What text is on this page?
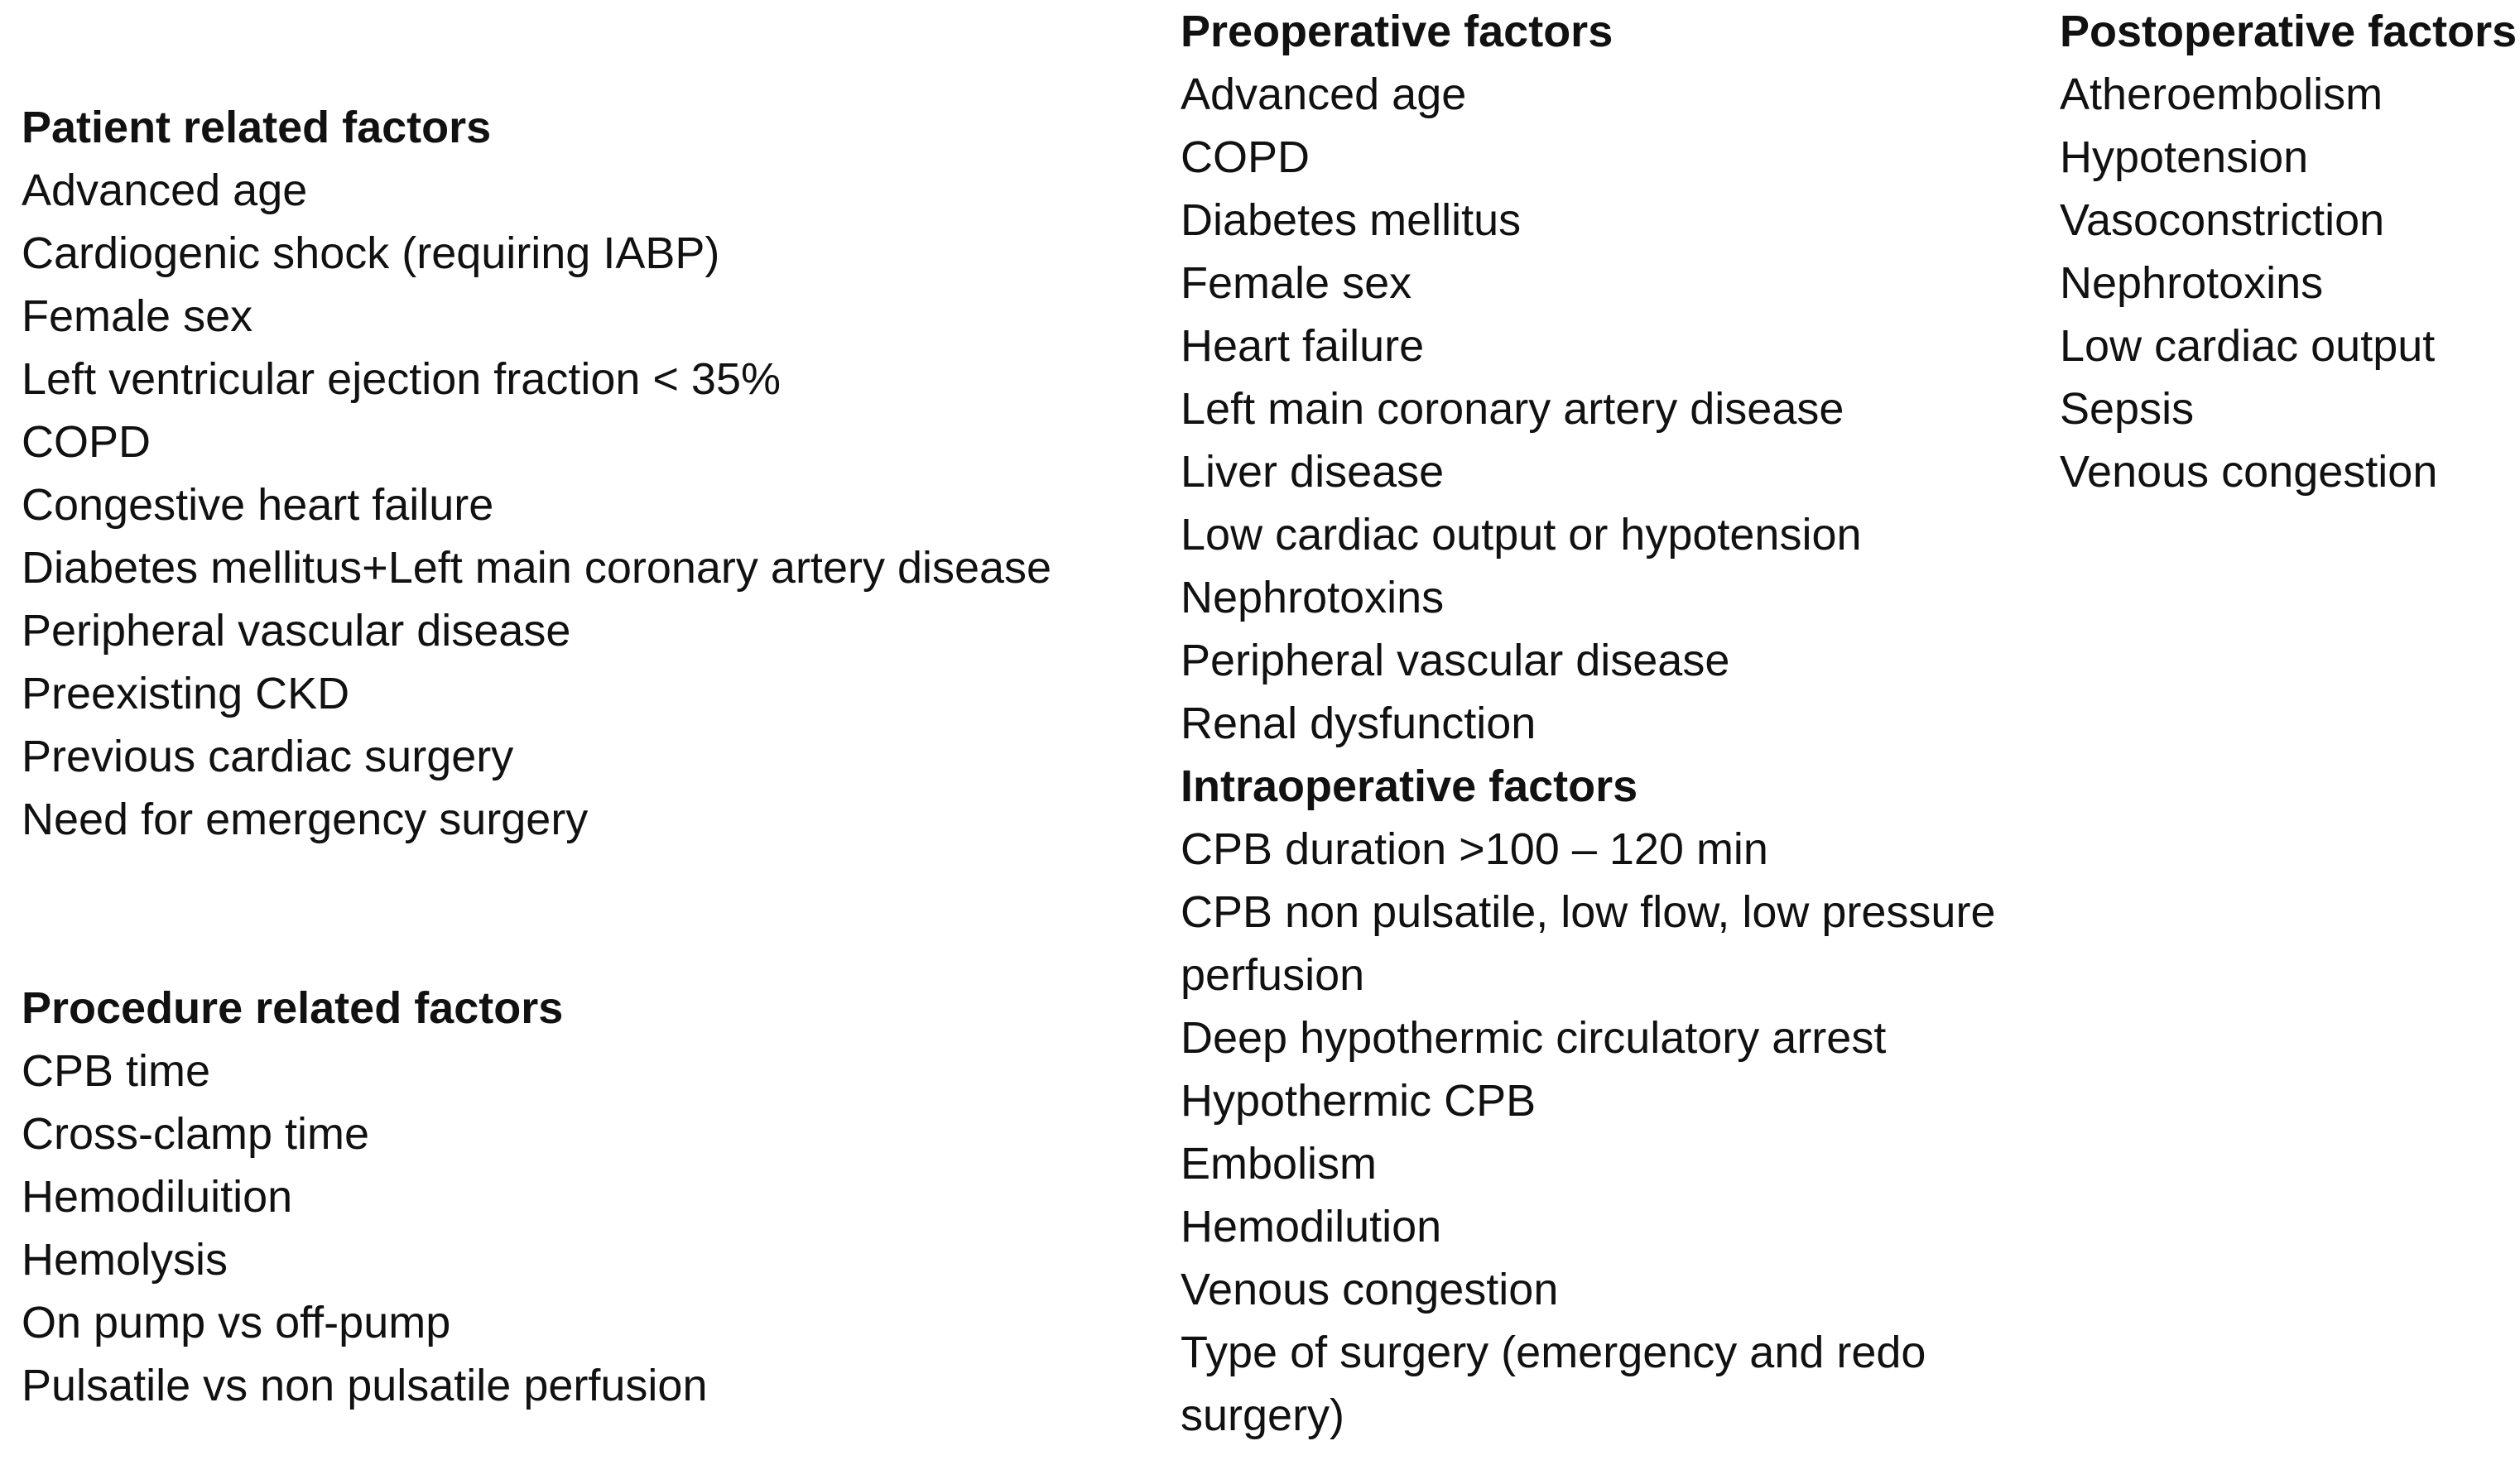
Patient related factors
Advanced age
Cardiogenic shock (requiring IABP)
Female sex
Left ventricular ejection fraction < 35%
COPD
Congestive heart failure
Diabetes mellitus+Left main coronary artery disease
Peripheral vascular disease
Preexisting CKD
Previous cardiac surgery
Need for emergency surgery
Procedure related factors
CPB time
Cross-clamp time
Hemodiluition
Hemolysis
On pump vs off-pump
Pulsatile vs non pulsatile perfusion
Preoperative factors
Advanced age
COPD
Diabetes mellitus
Female sex
Heart failure
Left main coronary artery disease
Liver disease
Low cardiac output or hypotension
Nephrotoxins
Peripheral vascular disease
Renal dysfunction
Intraoperative factors
CPB duration >100 – 120 min
CPB non pulsatile, low flow, low pressure perfusion
Deep hypothermic circulatory arrest
Hypothermic CPB
Embolism
Hemodilution
Venous congestion
Type of surgery (emergency and redo surgery)
Postoperative factors
Atheroembolism
Hypotension
Vasoconstriction
Nephrotoxins
Low cardiac output
Sepsis
Venous congestion
